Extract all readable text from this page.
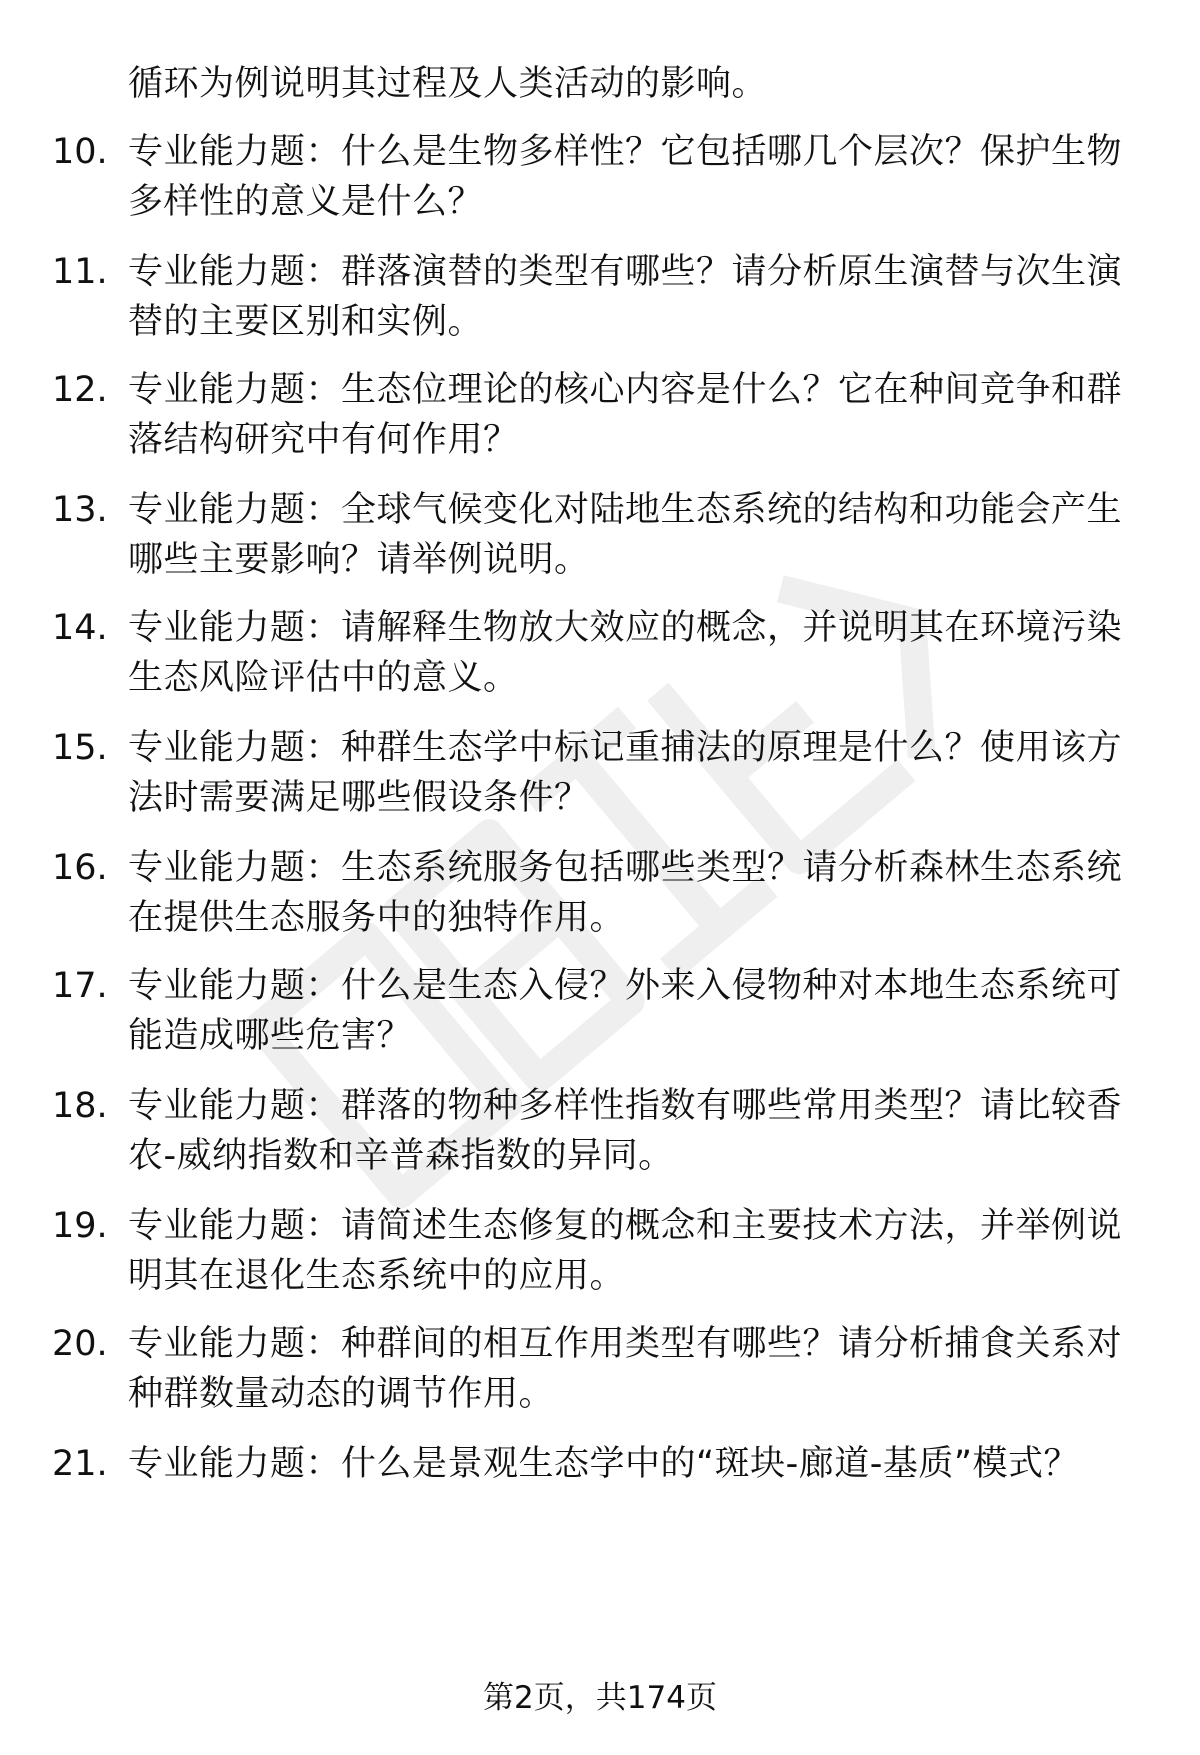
循环为例说明其过程及人类活动的影响。
10. 专业能力题：什么是生物多样性？它包括哪几个层次？保护生物
多样性的意义是什么？
11. 专业能力题：群落演替的类型有哪些？请分析原生演替与次生演
替的主要区别和实例。
12. 专业能力题：生态位理论的核心内容是什么？它在种间竞争和群
落结构研究中有何作用？
13. 专业能力题：全球气候变化对陆地生态系统的结构和功能会产生
哪些主要影响？请举例说明。
14. 专业能力题：请解释生物放大效应的概念，并说明其在环境污染
生态风险评估中的意义。
15. 专业能力题：种群生态学中标记重捕法的原理是什么？使用该方
法时需要满足哪些假设条件？
16. 专业能力题：生态系统服务包括哪些类型？请分析森林生态系统
在提供生态服务中的独特作用。
17. 专业能力题：什么是生态入侵？外来入侵物种对本地生态系统可
能造成哪些危害？
18. 专业能力题：群落的物种多样性指数有哪些常用类型？请比较香
农-威纳指数和辛普森指数的异同。
19. 专业能力题：请简述生态修复的概念和主要技术方法，并举例说
明其在退化生态系统中的应用。
20. 专业能力题：种群间的相互作用类型有哪些？请分析捕食关系对
种群数量动态的调节作用。
21. 专业能力题：什么是景观生态学中的“斑块-廊道-基质”模式？
第2页，共174页
